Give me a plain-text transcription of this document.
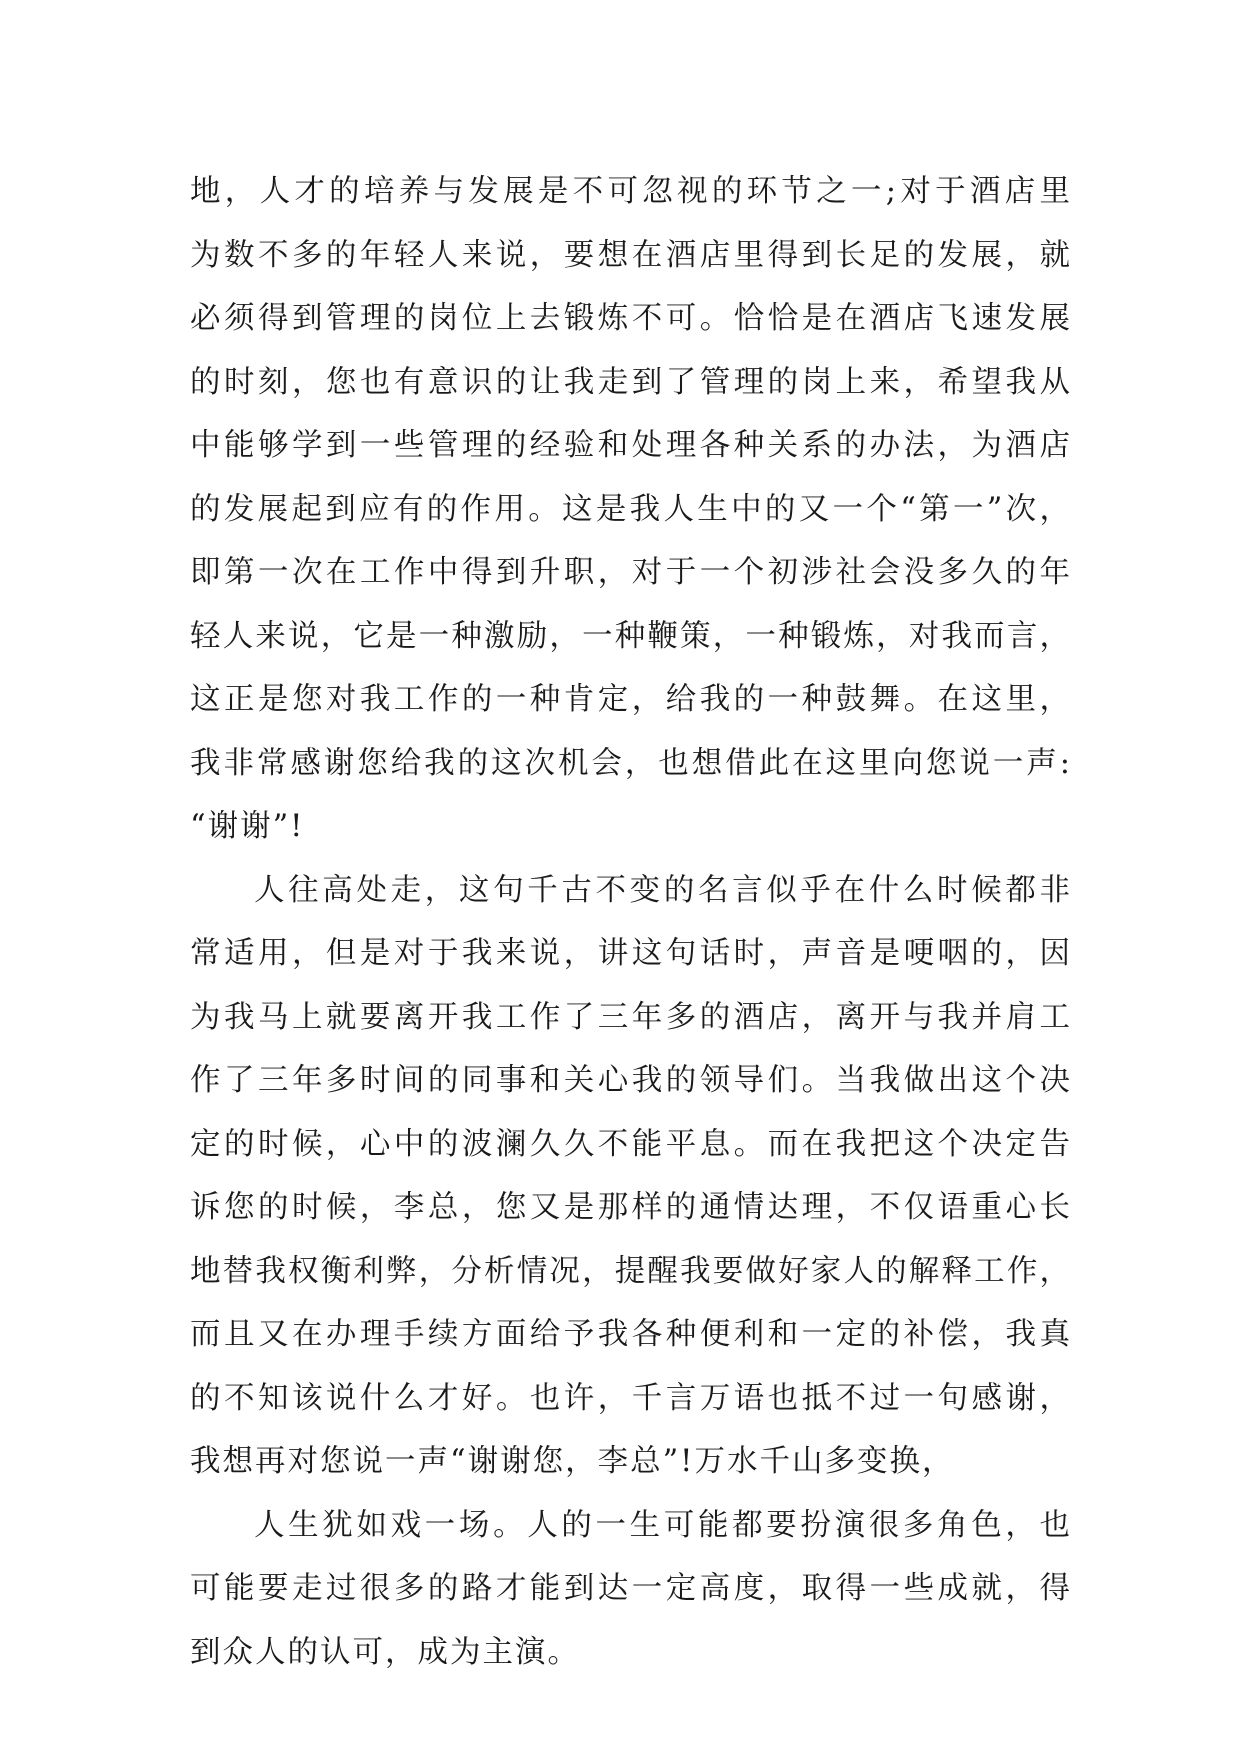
地，人才的培养与发展是不可忽视的环节之一;对于酒店里
为数不多的年轻人来说，要想在酒店里得到长足的发展，就
必须得到管理的岗位上去锻炼不可。恰恰是在酒店飞速发展
的时刻，您也有意识的让我走到了管理的岗上来，希望我从
中能够学到一些管理的经验和处理各种关系的办法，为酒店
的发展起到应有的作用。这是我人生中的又一个“第一”次，
即第一次在工作中得到升职，对于一个初涉社会没多久的年
轻人来说，它是一种激励，一种鞭策，一种锻炼，对我而言，
这正是您对我工作的一种肯定，给我的一种鼓舞。在这里，
我非常感谢您给我的这次机会，也想借此在这里向您说一声:
“谢谢”!
人往高处走，这句千古不变的名言似乎在什么时候都非
常适用，但是对于我来说，讲这句话时，声音是哽咽的，因
为我马上就要离开我工作了三年多的酒店，离开与我并肩工
作了三年多时间的同事和关心我的领导们。当我做出这个决
定的时候，心中的波澜久久不能平息。而在我把这个决定告
诉您的时候，李总，您又是那样的通情达理，不仅语重心长
地替我权衡利弊，分析情况，提醒我要做好家人的解释工作，
而且又在办理手续方面给予我各种便利和一定的补偿，我真
的不知该说什么才好。也许，千言万语也抵不过一句感谢，
我想再对您说一声“谢谢您，李总”!万水千山多变换，
人生犹如戏一场。人的一生可能都要扮演很多角色，也
可能要走过很多的路才能到达一定高度，取得一些成就，得
到众人的认可，成为主演。
